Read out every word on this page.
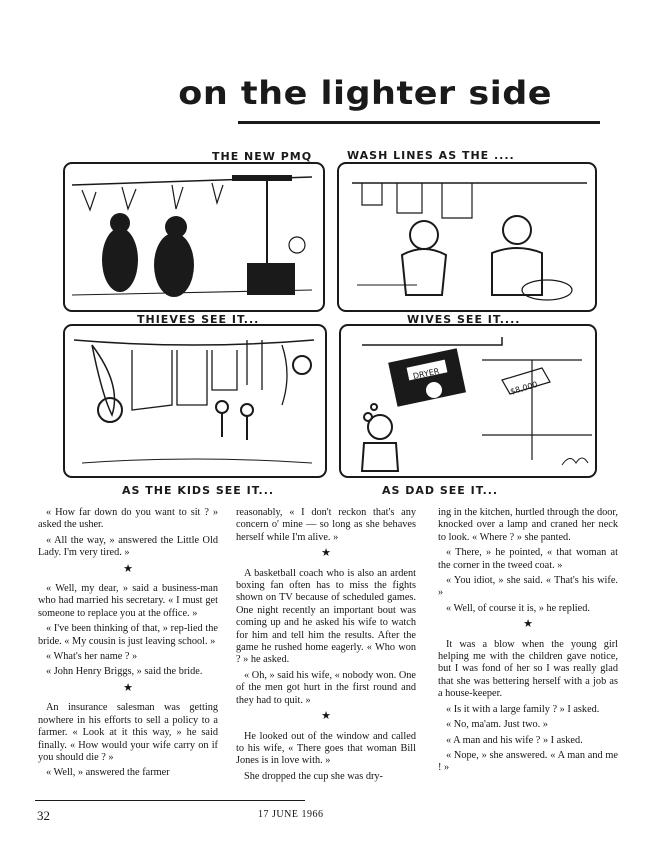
on the lighter side
THE NEW PMQ	WASH LINES AS THE ....
THIEVES SEE IT...	WIVES SEE IT....
AS THE KIDS SEE IT...
DRYER
$8,000
AS DAD SEE IT...

« How far down do you want to sit ? » asked the usher.

« All the way, » answered the Little Old Lady. I'm very tired. »

★

« Well, my dear, » said a business-man who had married his secretary. « I must get someone to replace you at the office. »

« I've been thinking of that, » rep-lied the bride. « My cousin is just leaving school. »

« What's her name ? »

« John Henry Briggs, » said the bride.

★

An insurance salesman was getting nowhere in his efforts to sell a policy to a farmer. « Look at it this way, » he said finally. « How would your wife carry on if you should die ? »

« Well, » answered the farmer

reasonably, « I don't reckon that's any concern o' mine — so long as she behaves herself while I'm alive. »

★

A basketball coach who is also an ardent boxing fan often has to miss the fights shown on TV because of scheduled games. One night recently an important bout was coming up and he asked his wife to watch for him and tell him the results. After the game he rushed home eagerly. « Who won ? » he asked.

« Oh, » said his wife, « nobody won. One of the men got hurt in the first round and they had to quit. »

★

He looked out of the window and called to his wife, « There goes that woman Bill Jones is in love with. »

She dropped the cup she was dry-

ing in the kitchen, hurtled through the door, knocked over a lamp and craned her neck to look. « Where ? » she panted.

« There, » he pointed, « that woman at the corner in the tweed coat. »

« You idiot, » she said. « That's his wife. »

« Well, of course it is, » he replied.

★

It was a blow when the young girl helping me with the children gave notice, but I was fond of her so I was really glad that she was bettering herself with a job as a house-keeper.

« Is it with a large family ? » I asked.

« No, ma'am. Just two. »

« A man and his wife ? » I asked.

« Nope, » she answered. « A man and me ! »

32	17 JUNE 1966
